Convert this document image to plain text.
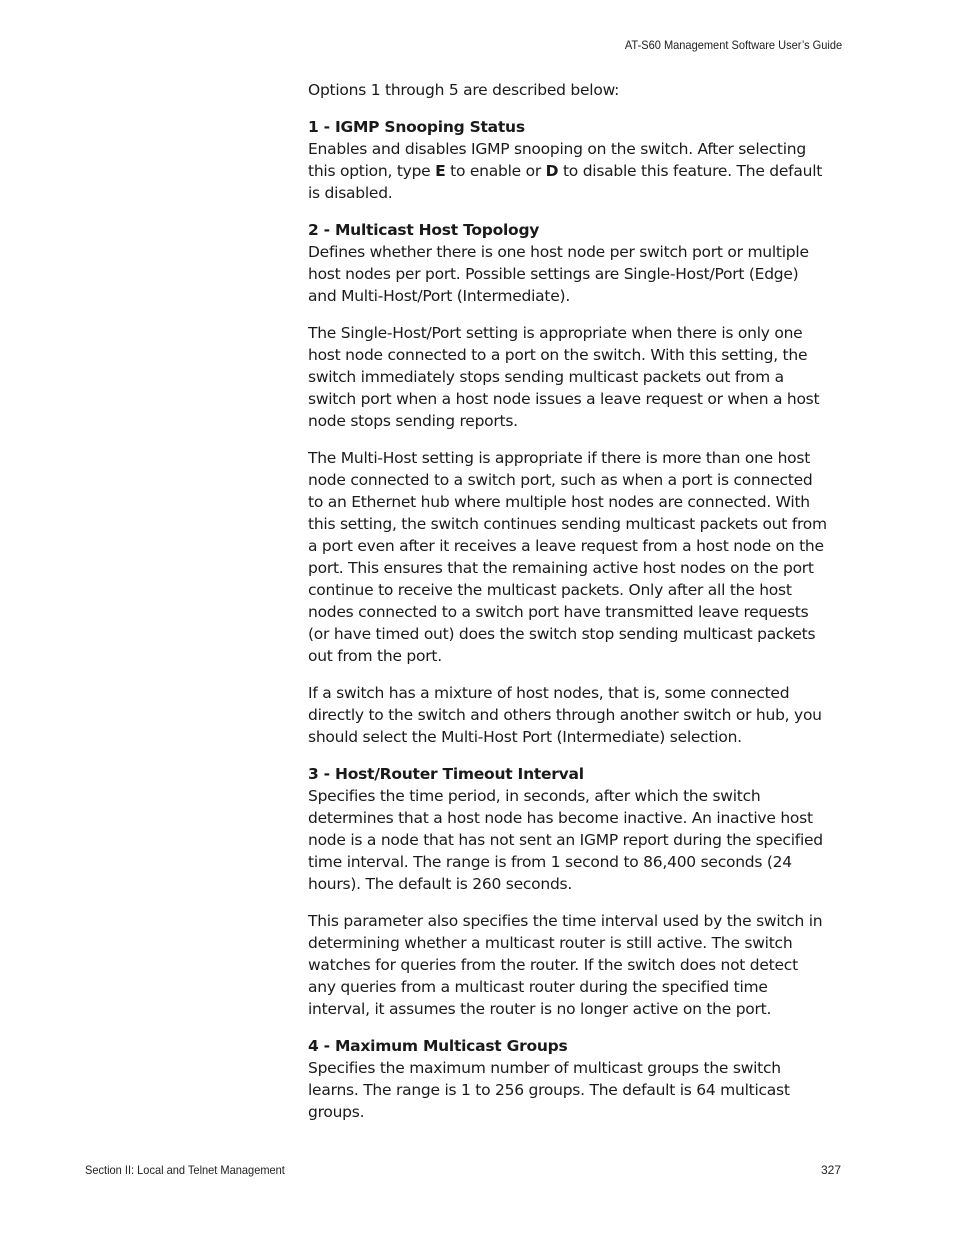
AT-S60 Management Software User’s Guide

Options 1 through 5 are described below:

1 - IGMP Snooping Status

Enables and disables IGMP snooping on the switch. After selecting this option, type E to enable or D to disable this feature. The default is disabled.

2 - Multicast Host Topology

Defines whether there is one host node per switch port or multiple host nodes per port. Possible settings are Single-Host/Port (Edge) and Multi-Host/Port (Intermediate).

The Single-Host/Port setting is appropriate when there is only one host node connected to a port on the switch. With this setting, the switch immediately stops sending multicast packets out from a switch port when a host node issues a leave request or when a host node stops sending reports.

The Multi-Host setting is appropriate if there is more than one host node connected to a switch port, such as when a port is connected to an Ethernet hub where multiple host nodes are connected. With this setting, the switch continues sending multicast packets out from a port even after it receives a leave request from a host node on the port. This ensures that the remaining active host nodes on the port continue to receive the multicast packets. Only after all the host nodes connected to a switch port have transmitted leave requests (or have timed out) does the switch stop sending multicast packets out from the port.

If a switch has a mixture of host nodes, that is, some connected directly to the switch and others through another switch or hub, you should select the Multi-Host Port (Intermediate) selection.

3 - Host/Router Timeout Interval

Specifies the time period, in seconds, after which the switch determines that a host node has become inactive. An inactive host node is a node that has not sent an IGMP report during the specified time interval. The range is from 1 second to 86,400 seconds (24 hours). The default is 260 seconds.

This parameter also specifies the time interval used by the switch in determining whether a multicast router is still active. The switch watches for queries from the router. If the switch does not detect any queries from a multicast router during the specified time interval, it assumes the router is no longer active on the port.

4 - Maximum Multicast Groups

Specifies the maximum number of multicast groups the switch learns. The range is 1 to 256 groups. The default is 64 multicast groups.

Section II: Local and Telnet Management	327
